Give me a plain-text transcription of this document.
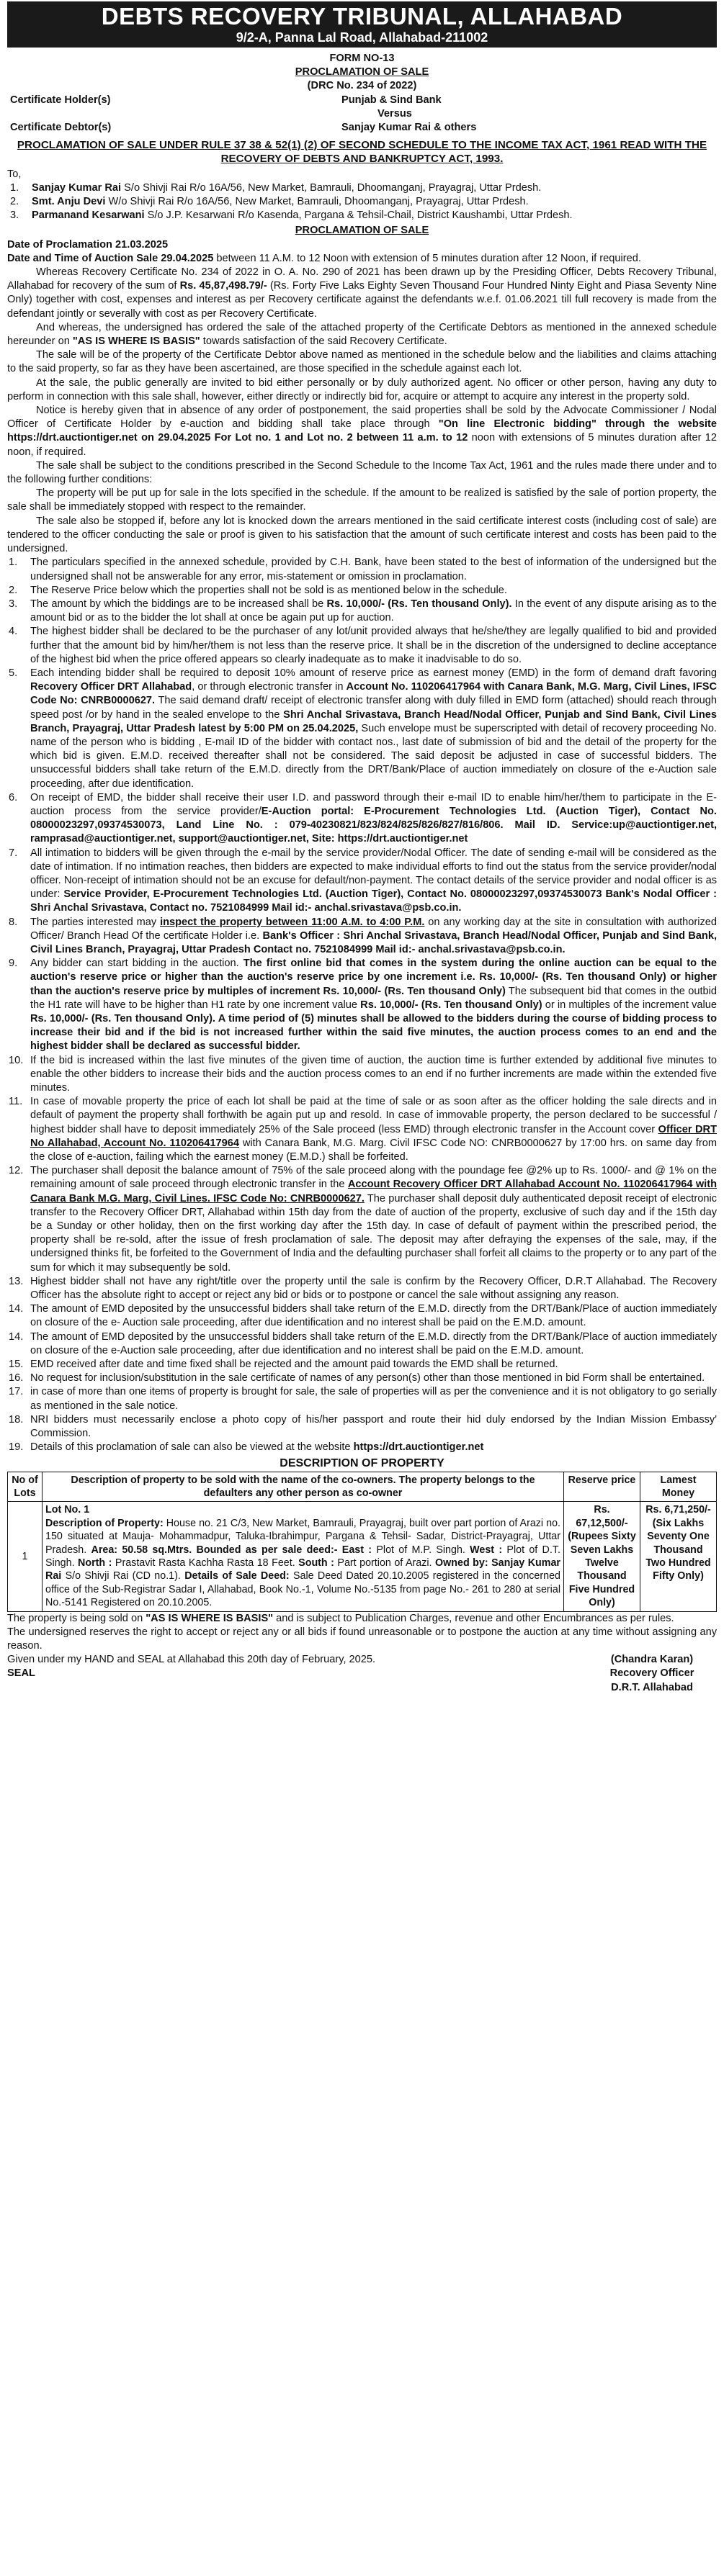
DEBTS RECOVERY TRIBUNAL, ALLAHABAD
9/2-A, Panna Lal Road, Allahabad-211002
FORM NO-13
PROCLAMATION OF SALE
(DRC No. 234 of 2022)
Certificate Holder(s)	Punjab & Sind Bank
Versus
Certificate Debtor(s)	Sanjay Kumar Rai & others
PROCLAMATION OF SALE UNDER RULE 37 38 & 52(1) (2) OF SECOND SCHEDULE TO THE INCOME TAX ACT, 1961 READ WITH THE RECOVERY OF DEBTS AND BANKRUPTCY ACT, 1993.
To,
1.	Sanjay Kumar Rai S/o Shivji Rai R/o 16A/56, New Market, Bamrauli, Dhoomanganj, Prayagraj, Uttar Prdesh.
2.	Smt. Anju Devi W/o Shivji Rai R/o 16A/56, New Market, Bamrauli, Dhoomanganj, Prayagraj, Uttar Prdesh.
3.	Parmanand Kesarwani S/o J.P. Kesarwani R/o Kasenda, Pargana & Tehsil-Chail, District Kaushambi, Uttar Prdesh.
PROCLAMATION OF SALE

Date of Proclamation 21.03.2025

Date and Time of Auction Sale 29.04.2025 between 11 A.M. to 12 Noon with extension of 5 minutes duration after 12 Noon, if required.

Whereas Recovery Certificate No. 234 of 2022 in O. A. No. 290 of 2021 has been drawn up by the Presiding Officer, Debts Recovery Tribunal, Allahabad for recovery of the sum of Rs. 45,87,498.79/- (Rs. Forty Five Laks Eighty Seven Thousand Four Hundred Ninty Eight and Piasa Seventy Nine Only) together with cost, expenses and interest as per Recovery certificate against the defendants w.e.f. 01.06.2021 till full recovery is made from the defendant jointly or severally with cost as per Recovery Certificate.

And whereas, the undersigned has ordered the sale of the attached property of the Certificate Debtors as mentioned in the annexed schedule hereunder on "AS IS WHERE IS BASIS" towards satisfaction of the said Recovery Certificate.

The sale will be of the property of the Certificate Debtor above named as mentioned in the schedule below and the liabilities and claims attaching to the said property, so far as they have been ascertained, are those specified in the schedule against each lot.

At the sale, the public generally are invited to bid either personally or by duly authorized agent. No officer or other person, having any duty to perform in connection with this sale shall, however, either directly or indirectly bid for, acquire or attempt to acquire any interest in the property sold.

Notice is hereby given that in absence of any order of postponement, the said properties shall be sold by the Advocate Commissioner / Nodal Officer of Certificate Holder by e-auction and bidding shall take place through "On line Electronic bidding" through the website https://drt.auctiontiger.net on 29.04.2025 For Lot no. 1 and Lot no. 2 between 11 a.m. to 12 noon with extensions of 5 minutes duration after 12 noon, if required.

The sale shall be subject to the conditions prescribed in the Second Schedule to the Income Tax Act, 1961 and the rules made there under and to the following further conditions:

The property will be put up for sale in the lots specified in the schedule. If the amount to be realized is satisfied by the sale of portion property, the sale shall be immediately stopped with respect to the remainder.

The sale also be stopped if, before any lot is knocked down the arrears mentioned in the said certificate interest costs (including cost of sale) are tendered to the officer conducting the sale or proof is given to his satisfaction that the amount of such certificate interest and costs has been paid to the undersigned.

1.	The particulars specified in the annexed schedule, provided by C.H. Bank, have been stated to the best of information of the undersigned but the undersigned shall not be answerable for any error, mis-statement or omission in proclamation.
2.	The Reserve Price below which the properties shall not be sold is as mentioned below in the schedule.
3.	The amount by which the biddings are to be increased shall be Rs. 10,000/- (Rs. Ten thousand Only). In the event of any dispute arising as to the amount bid or as to the bidder the lot shall at once be again put up for auction.
4.	The highest bidder shall be declared to be the purchaser of any lot/unit provided always that he/she/they are legally qualified to bid and provided further that the amount bid by him/her/them is not less than the reserve price. It shall be in the discretion of the undersigned to decline acceptance of the highest bid when the price offered appears so clearly inadequate as to make it inadvisable to do so.
5.	Each intending bidder shall be required to deposit 10% amount of reserve price as earnest money (EMD) in the form of demand draft favoring Recovery Officer DRT Allahabad, or through electronic transfer in Account No. 110206417964 with Canara Bank, M.G. Marg, Civil Lines, IFSC Code No: CNRB0000627. The said demand draft/ receipt of electronic transfer along with duly filled in EMD form (attached) should reach through speed post /or by hand in the sealed envelope to the Shri Anchal Srivastava, Branch Head/Nodal Officer, Punjab and Sind Bank, Civil Lines Branch, Prayagraj, Uttar Pradesh latest by 5:00 PM on 25.04.2025, Such envelope must be superscripted with detail of recovery proceeding No. name of the person who is bidding , E-mail ID of the bidder with contact nos., last date of submission of bid and the detail of the property for the which bid is given. E.M.D. received thereafter shall not be considered. The said deposit be adjusted in case of successful bidders. The unsuccessful bidders shall take return of the E.M.D. directly from the DRT/Bank/Place of auction immediately on closure of the e-Auction sale proceeding, after due identification.
6.	On receipt of EMD, the bidder shall receive their user I.D. and password through their e-mail ID to enable him/her/them to participate in the E-auction process from the service provider/E-Auction portal: E-Procurement Technologies Ltd. (Auction Tiger), Contact No. 08000023297,09374530073, Land Line No. : 079-40230821/823/824/825/826/827/816/806. Mail ID. Service:up@auctiontiger.net, ramprasad@auctiontiger.net, support@auctiontiger.net, Site: https://drt.auctiontiger.net
7.	All intimation to bidders will be given through the e-mail by the service provider/Nodal Officer. The date of sending e-mail will be considered as the date of intimation. If no intimation reaches, then bidders are expected to make individual efforts to find out the status from the service provider/nodal officer. Non-receipt of intimation should not be an excuse for default/non-payment. The contact details of the service provider and nodal officer is as under: Service Provider, E-Procurement Technologies Ltd. (Auction Tiger), Contact No. 08000023297,09374530073 Bank's Nodal Officer : Shri Anchal Srivastava, Contact no. 7521084999 Mail id:- anchal.srivastava@psb.co.in.
8.	The parties interested may inspect the property between 11:00 A.M. to 4:00 P.M. on any working day at the site in consultation with authorized Officer/ Branch Head Of the certificate Holder i.e. Bank's Officer : Shri Anchal Srivastava, Branch Head/Nodal Officer, Punjab and Sind Bank, Civil Lines Branch, Prayagraj, Uttar Pradesh Contact no. 7521084999 Mail id:- anchal.srivastava@psb.co.in.
9.	Any bidder can start bidding in the auction. The first online bid that comes in the system during the online auction can be equal to the auction's reserve price or higher than the auction's reserve price by one increment i.e. Rs. 10,000/- (Rs. Ten thousand Only) or higher than the auction's reserve price by multiples of increment Rs. 10,000/- (Rs. Ten thousand Only) The subsequent bid that comes in the outbid the H1 rate will have to be higher than H1 rate by one increment value Rs. 10,000/- (Rs. Ten thousand Only) or in multiples of the increment value Rs. 10,000/- (Rs. Ten thousand Only). A time period of (5) minutes shall be allowed to the bidders during the course of bidding process to increase their bid and if the bid is not increased further within the said five minutes, the auction process comes to an end and the highest bidder shall be declared as successful bidder.
10. If the bid is increased within the last five minutes of the given time of auction, the auction time is further extended by additional five minutes to enable the other bidders to increase their bids and the auction process comes to an end if no further increments are made within the extended five minutes.
11. In case of movable property the price of each lot shall be paid at the time of sale or as soon after as the officer holding the sale directs and in default of payment the property shall forthwith be again put up and resold. In case of immovable property, the person declared to be successful / highest bidder shall have to deposit immediately 25% of the Sale proceed (less EMD) through electronic transfer in the Account cover Officer DRT No Allahabad, Account No. 110206417964 with Canara Bank, M.G. Marg. Civil IFSC Code NO: CNRB0000627 by 17:00 hrs. on same day from the close of e-auction, failing which the earnest money (E.M.D.) shall be forfeited.
12. The purchaser shall deposit the balance amount of 75% of the sale proceed along with the poundage fee @2% up to Rs. 1000/- and @ 1% on the remaining amount of sale proceed through electronic transfer in the Account Recovery Officer DRT Allahabad Account No. 110206417964 with Canara Bank M.G. Marg, Civil Lines. IFSC Code No: CNRB0000627. The purchaser shall deposit duly authenticated deposit receipt of electronic transfer to the Recovery Officer DRT, Allahabad within 15th day from the date of auction of the property, exclusive of such day and if the 15th day be a Sunday or other holiday, then on the first working day after the 15th day. In case of default of payment within the prescribed period, the property shall be re-sold, after the issue of fresh proclamation of sale. The deposit may after defraying the expenses of the sale, may, if the undersigned thinks fit, be forfeited to the Government of India and the defaulting purchaser shall forfeit all claims to the property or to any part of the sum for which it may subsequently be sold.
13. Highest bidder shall not have any right/title over the property until the sale is confirm by the Recovery Officer, D.R.T Allahabad. The Recovery Officer has the absolute right to accept or reject any bid or bids or to postpone or cancel the sale without assigning any reason.
14. The amount of EMD deposited by the unsuccessful bidders shall take return of the E.M.D. directly from the DRT/Bank/Place of auction immediately on closure of the e- Auction sale proceeding, after due identification and no interest shall be paid on the E.M.D. amount.
14. The amount of EMD deposited by the unsuccessful bidders shall take return of the E.M.D. directly from the DRT/Bank/Place of auction immediately on closure of the e-Auction sale proceeding, after due identification and no interest shall be paid on the E.M.D. amount.
15. EMD received after date and time fixed shall be rejected and the amount paid towards the EMD shall be returned.
16. No request for inclusion/substitution in the sale certificate of names of any person(s) other than those mentioned in bid Form shall be entertained.
17. in case of more than one items of property is brought for sale, the sale of properties will as per the convenience and it is not obligatory to go serially as mentioned in the sale notice.
18. NRI bidders must necessarily enclose a photo copy of his/her passport and route their hid duly endorsed by the Indian Mission Embassy' Commission.
19. Details of this proclamation of sale can also be viewed at the website https://drt.auctiontiger.net
DESCRIPTION OF PROPERTY
No of Lots	Description of property to be sold with the name of the co-owners. The property belongs to the defaulters any other person as co-owner	Reserve price	Lamest Money
1	Lot No. 1
Description of Property: House no. 21 C/3, New Market, Bamrauli, Prayagraj, built over part portion of Arazi no. 150 situated at Mauja- Mohammadpur, Taluka-Ibrahimpur, Pargana & Tehsil- Sadar, District-Prayagraj, Uttar Pradesh. Area: 50.58 sq.Mtrs. Bounded as per sale deed:- East : Plot of M.P. Singh. West : Plot of D.T. Singh. North : Prastavit Rasta Kachha Rasta 18 Feet. South : Part portion of Arazi. Owned by: Sanjay Kumar Rai S/o Shivji Rai (CD no.1). Details of Sale Deed: Sale Deed Dated 20.10.2005 registered in the concerned office of the Sub-Registrar Sadar I, Allahabad, Book No.-1, Volume No.-5135 from page No.- 261 to 280 at serial No.-5141 Registered on 20.10.2005.	Rs. 67,12,500/- (Rupees Sixty Seven Lakhs Twelve Thousand Five Hundred Only)	Rs. 6,71,250/- (Six Lakhs Seventy One Thousand Two Hundred Fifty Only)

The property is being sold on "AS IS WHERE IS BASIS" and is subject to Publication Charges, revenue and other Encumbrances as per rules.

The undersigned reserves the right to accept or reject any or all bids if found unreasonable or to postpone the auction at any time without assigning any reason.

Given under my HAND and SEAL at Allahabad this 20th day of February, 2025.
SEAL
(Chandra Karan)
Recovery Officer
D.R.T. Allahabad
